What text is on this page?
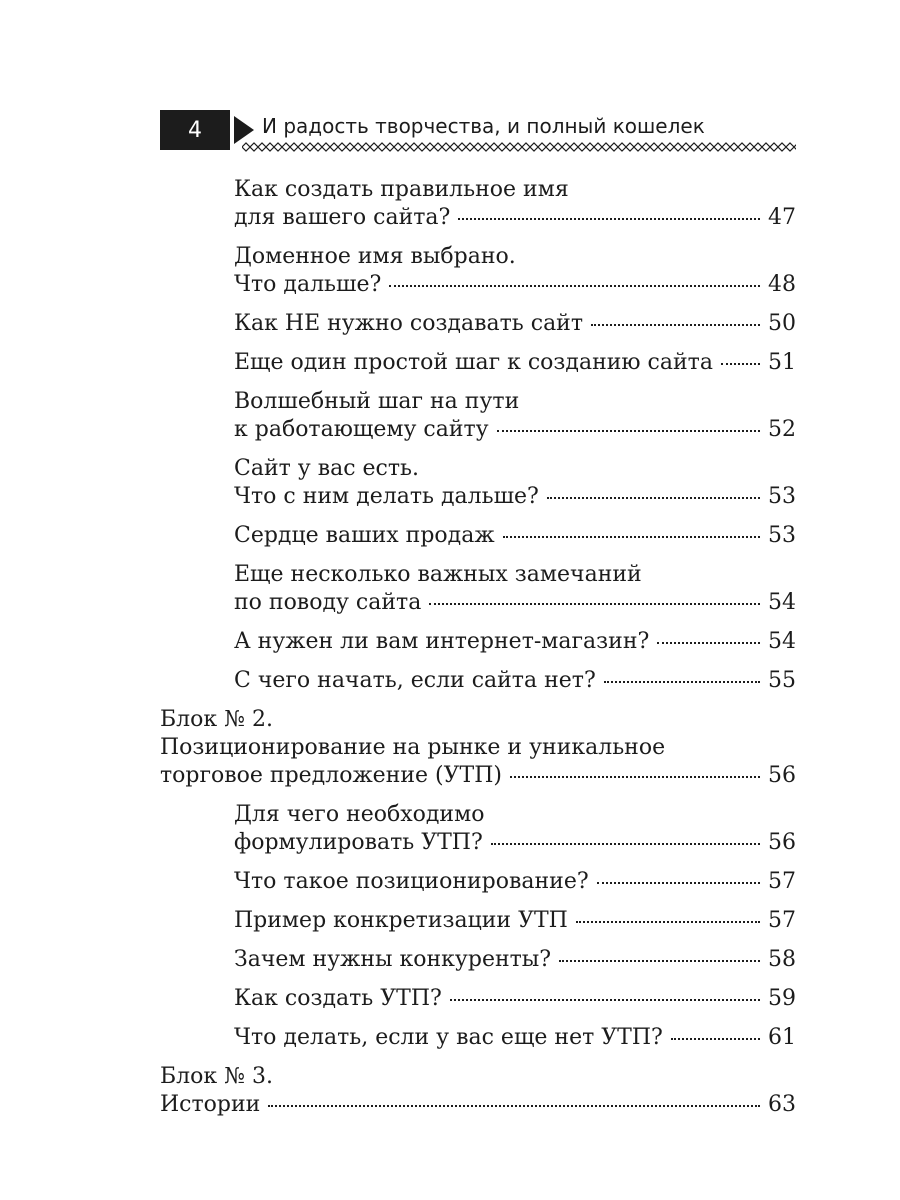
4	И радость творчества, и полный кошелек
Как создать правильное имя
для вашего сайта?	47
Доменное имя выбрано.
Что дальше?	48
Как НЕ нужно создавать сайт	50
Еще один простой шаг к созданию сайта	51
Волшебный шаг на пути
к работающему сайту	52
Сайт у вас есть.
Что с ним делать дальше?	53
Сердце ваших продаж	53
Еще несколько важных замечаний
по поводу сайта	54
А нужен ли вам интернет-магазин?	54
С чего начать, если сайта нет?	55
Блок № 2.
Позиционирование на рынке и уникальное
торговое предложение (УТП)	56
Для чего необходимо
формулировать УТП?	56
Что такое позиционирование?	57
Пример конкретизации УТП	57
Зачем нужны конкуренты?	58
Как создать УТП?	59
Что делать, если у вас еще нет УТП?	61
Блок № 3.
Истории	63
